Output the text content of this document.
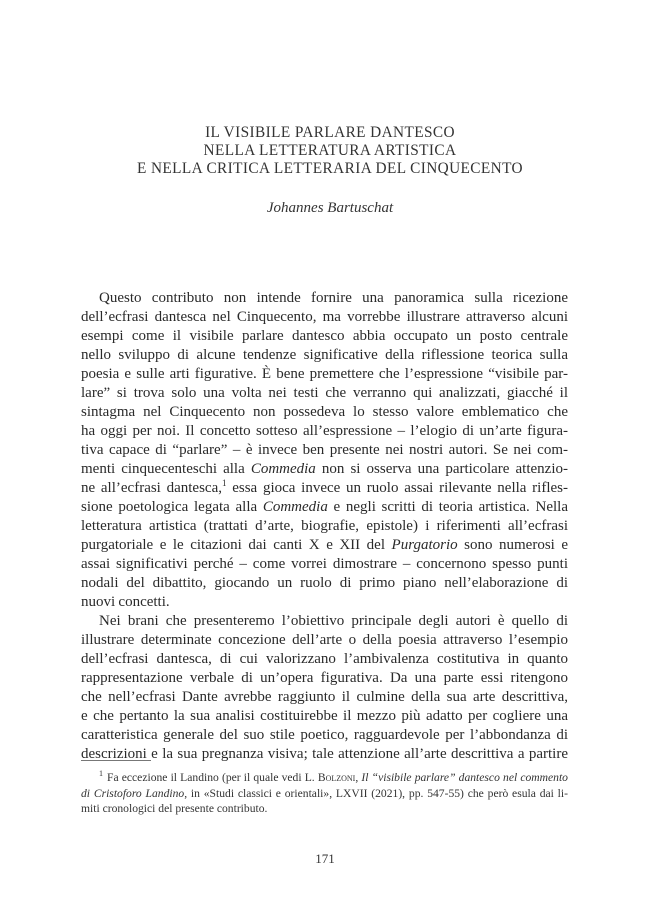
IL VISIBILE PARLARE DANTESCO
NELLA LETTERATURA ARTISTICA
E NELLA CRITICA LETTERARIA DEL CINQUECENTO
Johannes Bartuschat

Questo contributo non intende fornire una panoramica sulla ricezione
dell’ecfrasi dantesca nel Cinquecento, ma vorrebbe illustrare attraverso alcuni
esempi come il visibile parlare dantesco abbia occupato un posto centrale
nello sviluppo di alcune tendenze significative della riflessione teorica sulla
poesia e sulle arti figurative. È bene premettere che l’espressione “visibile par-
lare” si trova solo una volta nei testi che verranno qui analizzati, giacché il
sintagma nel Cinquecento non possedeva lo stesso valore emblematico che
ha oggi per noi. Il concetto sotteso all’espressione – l’elogio di un’arte figura-
tiva capace di “parlare” – è invece ben presente nei nostri autori. Se nei com-
menti cinquecenteschi alla Commedia non si osserva una particolare attenzio-
ne all’ecfrasi dantesca,$^1$ essa gioca invece un ruolo assai rilevante nella rifles-
sione poetologica legata alla Commedia e negli scritti di teoria artistica. Nella
letteratura artistica (trattati d’arte, biografie, epistole) i riferimenti all’ecfrasi
purgatoriale e le citazioni dai canti X e XII del Purgatorio sono numerosi e
assai significativi perché – come vorrei dimostrare – concernono spesso punti
nodali del dibattito, giocando un ruolo di primo piano nell’elaborazione di
nuovi concetti.

Nei brani che presenteremo l’obiettivo principale degli autori è quello di
illustrare determinate concezione dell’arte o della poesia attraverso l’esempio
dell’ecfrasi dantesca, di cui valorizzano l’ambivalenza costitutiva in quanto
rappresentazione verbale di un’opera figurativa. Da una parte essi ritengono
che nell’ecfrasi Dante avrebbe raggiunto il culmine della sua arte descrittiva,
e che pertanto la sua analisi costituirebbe il mezzo più adatto per cogliere una
caratteristica generale del suo stile poetico, ragguardevole per l’abbondanza di
descrizioni e la sua pregnanza visiva; tale attenzione all’arte descrittiva a partire

$^1$ Fa eccezione il Landino (per il quale vedi L. Bolzoni, Il “visibile parlare” dantesco nel commento
di Cristoforo Landino, in «Studi classici e orientali», LXVII (2021), pp. 547-55) che però esula dai li-
miti cronologici del presente contributo.
171
